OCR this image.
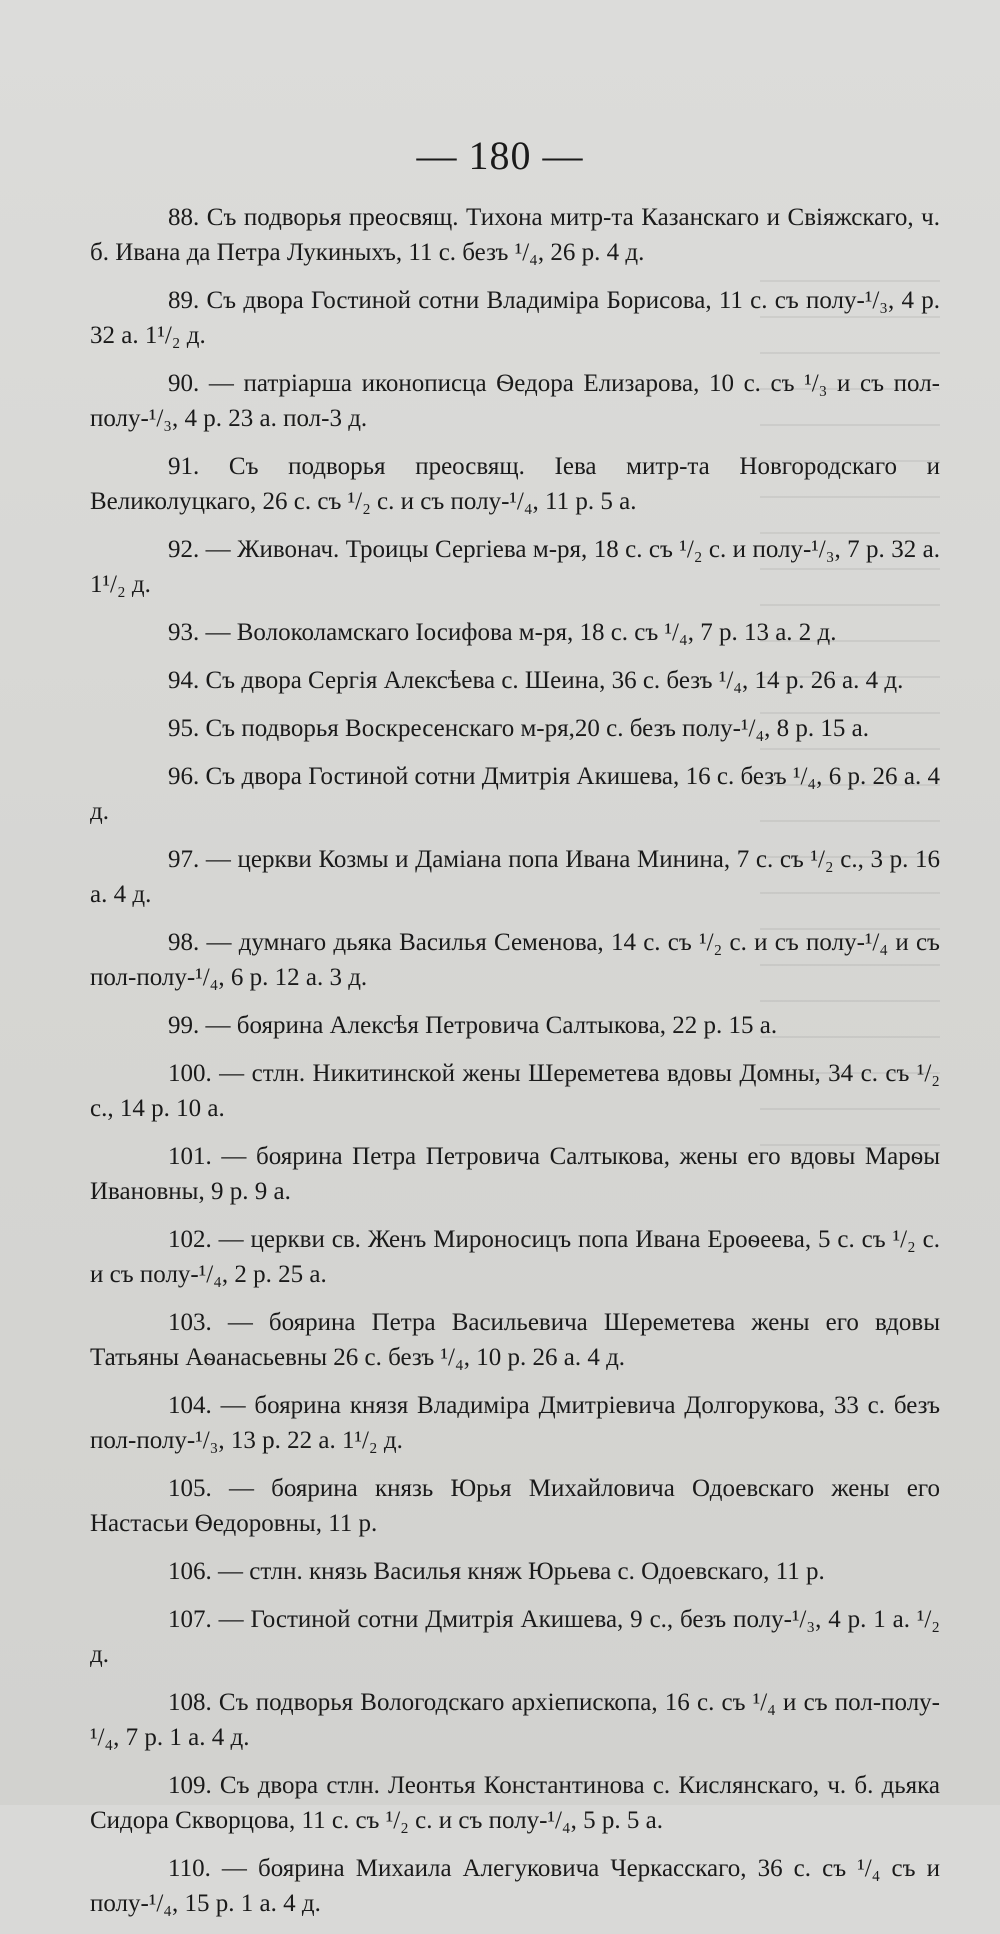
— 180 —

88. Съ подворья преосвящ. Тихона митр-та Казанскаго и Свіяжскаго, ч. б. Ивана да Петра Лукиныхъ, 11 с. безъ ¹/₄, 26 р. 4 д.

89. Съ двора Гостиной сотни Владиміра Борисова, 11 с. съ полу-¹/₃, 4 р. 32 а. 1¹/₂ д.

90. — патріарша иконописца Ѳедора Елизарова, 10 с. съ ¹/₃ и съ пол-полу-¹/₃, 4 р. 23 а. пол-3 д.

91. Съ подворья преосвящ. Іева митр-та Новгородскаго и Великолуцкаго, 26 с. съ ¹/₂ с. и съ полу-¹/₄, 11 р. 5 а.

92. — Живонач. Троицы Сергіева м-ря, 18 с. съ ¹/₂ с. и полу-¹/₃, 7 р. 32 а. 1¹/₂ д.

93. — Волоколамскаго Іосифова м-ря, 18 с. съ ¹/₄, 7 р. 13 а. 2 д.

94. Съ двора Сергія Алексѣева с. Шеина, 36 с. безъ ¹/₄, 14 р. 26 а. 4 д.

95. Съ подворья Воскресенскаго м-ря,20 с. безъ полу-¹/₄, 8 р. 15 а.

96. Съ двора Гостиной сотни Дмитрія Акишева, 16 с. безъ ¹/₄, 6 р. 26 а. 4 д.

97. — церкви Козмы и Даміана попа Ивана Минина, 7 с. съ ¹/₂ с., 3 р. 16 а. 4 д.

98. — думнаго дьяка Василья Семенова, 14 с. съ ¹/₂ с. и съ полу-¹/₄ и съ пол-полу-¹/₄, 6 р. 12 а. 3 д.

99. — боярина Алексѣя Петровича Салтыкова, 22 р. 15 а.

100. — стлн. Никитинской жены Шереметева вдовы Домны, 34 с. съ ¹/₂ с., 14 р. 10 а.

101. — боярина Петра Петровича Салтыкова, жены его вдовы Марѳы Ивановны, 9 р. 9 а.

102. — церкви св. Женъ Мироносицъ попа Ивана Ероѳеева, 5 с. съ ¹/₂ с. и съ полу-¹/₄, 2 р. 25 а.

103. — боярина Петра Васильевича Шереметева жены его вдовы Татьяны Аѳанасьевны 26 с. безъ ¹/₄, 10 р. 26 а. 4 д.

104. — боярина князя Владиміра Дмитріевича Долгорукова, 33 с. безъ пол-полу-¹/₃, 13 р. 22 а. 1¹/₂ д.

105. — боярина князь Юрья Михайловича Одоевскаго жены его Настасьи Ѳедоровны, 11 р.

106. — стлн. князь Василья княж Юрьева с. Одоевскаго, 11 р.

107. — Гостиной сотни Дмитрія Акишева, 9 с., безъ полу-¹/₃, 4 р. 1 а. ¹/₂ д.

108. Съ подворья Вологодскаго архіепископа, 16 с. съ ¹/₄ и съ пол-полу-¹/₄, 7 р. 1 а. 4 д.

109. Съ двора стлн. Леонтья Константинова с. Кислянскаго, ч. б. дьяка Сидора Скворцова, 11 с. съ ¹/₂ с. и съ полу-¹/₄, 5 р. 5 а.

110. — боярина Михаила Алегуковича Черкасскаго, 36 с. съ ¹/₄ съ и полу-¹/₄, 15 р. 1 а. 4 д.
